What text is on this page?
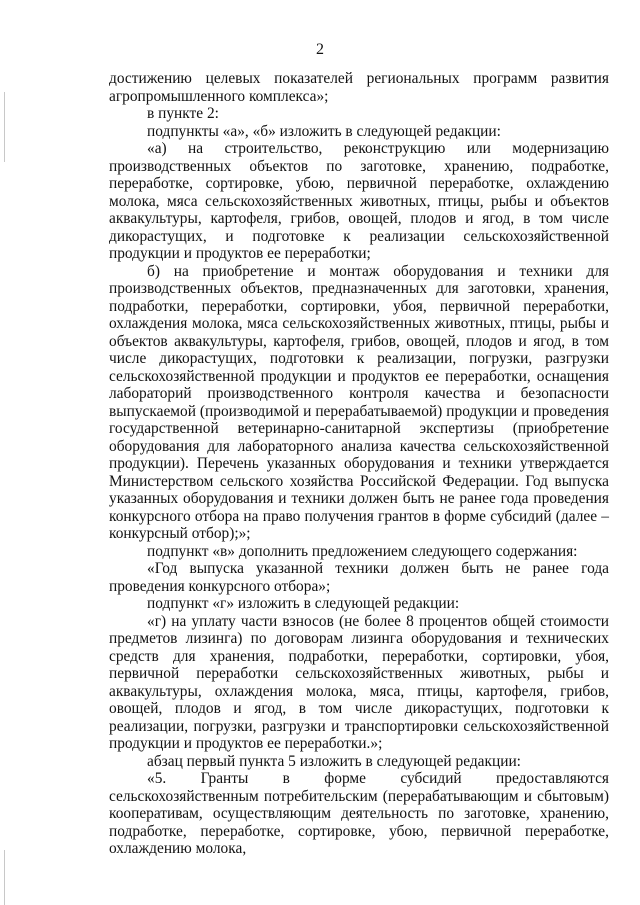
2

достижению целевых показателей региональных программ развития агропромышленного комплекса»;

в пункте 2:

подпункты «а», «б» изложить в следующей редакции:

«а) на строительство, реконструкцию или модернизацию производственных объектов по заготовке, хранению, подработке, переработке, сортировке, убою, первичной переработке, охлаждению молока, мяса сельскохозяйственных животных, птицы, рыбы и объектов аквакультуры, картофеля, грибов, овощей, плодов и ягод, в том числе дикорастущих, и подготовке к реализации сельскохозяйственной продукции и продуктов ее переработки;

б) на приобретение и монтаж оборудования и техники для производственных объектов, предназначенных для заготовки, хранения, подработки, переработки, сортировки, убоя, первичной переработки, охлаждения молока, мяса сельскохозяйственных животных, птицы, рыбы и объектов аквакультуры, картофеля, грибов, овощей, плодов и ягод, в том числе дикорастущих, подготовки к реализации, погрузки, разгрузки сельскохозяйственной продукции и продуктов ее переработки, оснащения лабораторий производственного контроля качества и безопасности выпускаемой (производимой и перерабатываемой) продукции и проведения государственной ветеринарно-санитарной экспертизы (приобретение оборудования для лабораторного анализа качества сельскохозяйственной продукции). Перечень указанных оборудования и техники утверждается Министерством сельского хозяйства Российской Федерации. Год выпуска указанных оборудования и техники должен быть не ранее года проведения конкурсного отбора на право получения грантов в форме субсидий (далее – конкурсный отбор);»;

подпункт «в» дополнить предложением следующего содержания:

«Год выпуска указанной техники должен быть не ранее года проведения конкурсного отбора»;

подпункт «г» изложить в следующей редакции:

«г) на уплату части взносов (не более 8 процентов общей стоимости предметов лизинга) по договорам лизинга оборудования и технических средств для хранения, подработки, переработки, сортировки, убоя, первичной переработки сельскохозяйственных животных, рыбы и аквакультуры, охлаждения молока, мяса, птицы, картофеля, грибов, овощей, плодов и ягод, в том числе дикорастущих, подготовки к реализации, погрузки, разгрузки и транспортировки сельскохозяйственной продукции и продуктов ее переработки.»;

абзац первый пункта 5 изложить в следующей редакции:

«5. Гранты в форме субсидий предоставляются сельскохозяйственным потребительским (перерабатывающим и сбытовым) кооперативам, осуществляющим деятельность по заготовке, хранению, подработке, переработке, сортировке, убою, первичной переработке, охлаждению молока,
